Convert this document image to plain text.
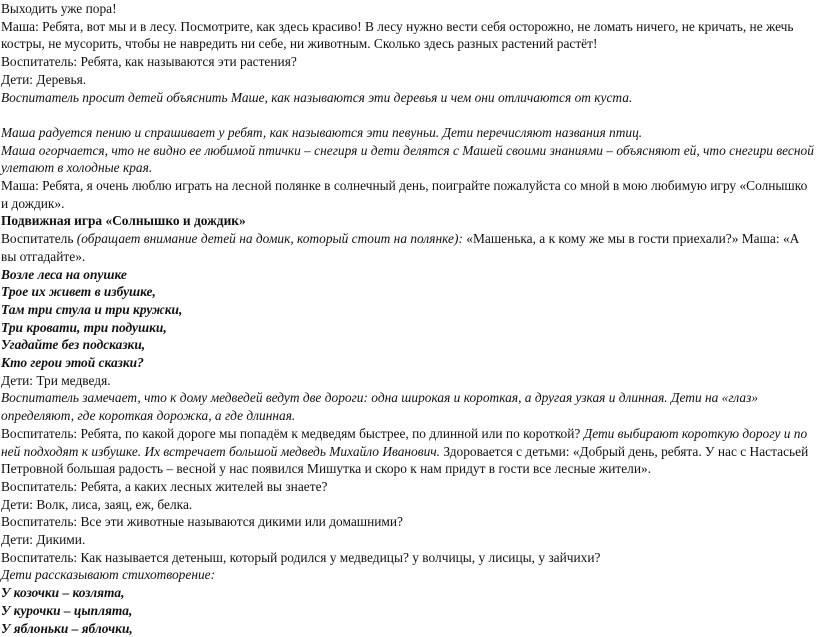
Выходить уже пора!

Маша: Ребята, вот мы и в лесу. Посмотрите, как здесь красиво! В лесу нужно вести себя осторожно, не ломать ничего, не кричать, не жечь костры, не мусорить, чтобы не навредить ни себе, ни животным. Сколько здесь разных растений растёт!

Воспитатель: Ребята, как называются эти растения?

Дети: Деревья.

Воспитатель просит детей объяснить Маше, как называются эти деревья и чем они отличаются от куста.

Маша радуется пению и спрашивает у ребят, как называются эти певуньи. Дети перечисляют названия птиц.

Маша огорчается, что не видно ее любимой птички – снегиря и дети делятся с Машей своими знаниями – объясняют ей, что снегири весной улетают в холодные края.

Маша: Ребята, я очень люблю играть на лесной полянке в солнечный день, поиграйте пожалуйста со мной в мою любимую игру «Солнышко и дождик».

Подвижная игра «Солнышко и дождик»

Воспитатель (обращает внимание детей на домик, который стоит на полянке): «Машенька, а к кому же мы в гости приехали?» Маша: «А вы отгадайте».

Возле леса на опушке

Трое их живет в избушке,

Там три стула и три кружки,

Три кровати, три подушки,

Угадайте без подсказки,

Кто герои этой сказки?

Дети: Три медведя.

Воспитатель замечает, что к дому медведей ведут две дороги: одна широкая и короткая, а другая узкая и длинная. Дети на «глаз» определяют, где короткая дорожка, а где длинная.

Воспитатель: Ребята, по какой дороге мы попадём к медведям быстрее, по длинной или по короткой? Дети выбирают короткую дорогу и по ней подходят к избушке. Их встречает большой медведь Михайло Иванович. Здоровается с детьми: «Добрый день, ребята. У нас с Настасьей Петровной большая радость – весной у нас появился Мишутка и скоро к нам придут в гости все лесные жители».

Воспитатель: Ребята, а каких лесных жителей вы знаете?

Дети: Волк, лиса, заяц, еж, белка.

Воспитатель: Все эти животные называются дикими или домашними?

Дети: Дикими.

Воспитатель: Как называется детеныш, который родился у медведицы? у волчицы, у лисицы, у зайчихи?

Дети рассказывают стихотворение:

У козочки – козлята,

У курочки – цыплята,

У яблоньки – яблочки,
